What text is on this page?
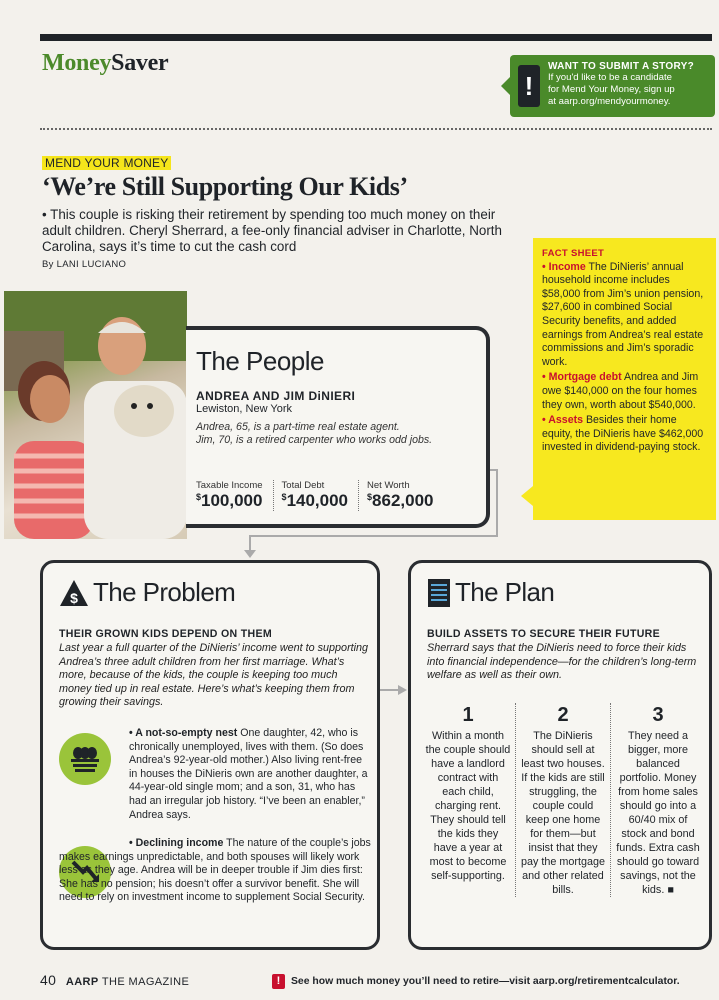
MoneySaver
!
WANT TO SUBMIT A STORY?
If you'd like to be a candidate
for Mend Your Money, sign up
at aarp.org/mendyourmoney.
MEND YOUR MONEY
‘We’re Still Supporting Our Kids’
• This couple is risking their retirement by spending too much money on their adult children. Cheryl Sherrard, a fee-only financial adviser in Charlotte, North Carolina, says it’s time to cut the cash cord
By LANI LUCIANO
FACT SHEET

• Income The DiNieris’ annual household income includes $58,000 from Jim’s union pension, $27,600 in combined Social Security benefits, and added earnings from Andrea’s real estate commissions and Jim’s sporadic work.

• Mortgage debt Andrea and Jim owe $140,000 on the four homes they own, worth about $540,000.

• Assets Besides their home equity, the DiNieris have $462,000 invested in dividend-paying stock.

The People
ANDREA AND JIM DiNIERI
Lewiston, New York
Andrea, 65, is a part-time real estate agent.
Jim, 70, is a retired carpenter who works odd jobs.
Taxable Income
$100,000
Total Debt
$140,000
Net Worth
$862,000
$ The Problem
THEIR GROWN KIDS DEPEND ON THEM
Last year a full quarter of the DiNieris’ income went to supporting Andrea’s three adult children from her first marriage. What’s more, because of the kids, the couple is keeping too much money tied up in real estate. Here’s what’s keeping them from growing their savings.
• A not-so-empty nest One daughter, 42, who is chronically unemployed, lives with them. (So does Andrea’s 92-year-old mother.) Also living rent-free in houses the DiNieris own are another daughter, a 44-year-old single mom; and a son, 31, who has had an irregular job history. “I’ve been an enabler,” Andrea says.
• Declining income The nature of the couple’s jobs makes earnings unpredictable, and both spouses will likely work less as they age. Andrea will be in deeper trouble if Jim dies first: She has no pension; his doesn’t offer a survivor benefit. She will need to rely on investment income to supplement Social Security.
The Plan
BUILD ASSETS TO SECURE THEIR FUTURE
Sherrard says that the DiNieris need to force their kids into financial independence—for the children’s long-term welfare as well as their own.
1
Within a month the couple should have a landlord contract with each child, charging rent. They should tell the kids they have a year at most to become self-supporting.
2
The DiNieris should sell at least two houses. If the kids are still struggling, the couple could keep one home for them—but insist that they pay the mortgage and other related bills.
3
They need a bigger, more balanced portfolio. Money from home sales should go into a 60/40 mix of stock and bond funds. Extra cash should go toward savings, not the kids. ■
40 AARP THE MAGAZINE	!	See how much money you’ll need to retire—visit aarp.org/retirementcalculator.
